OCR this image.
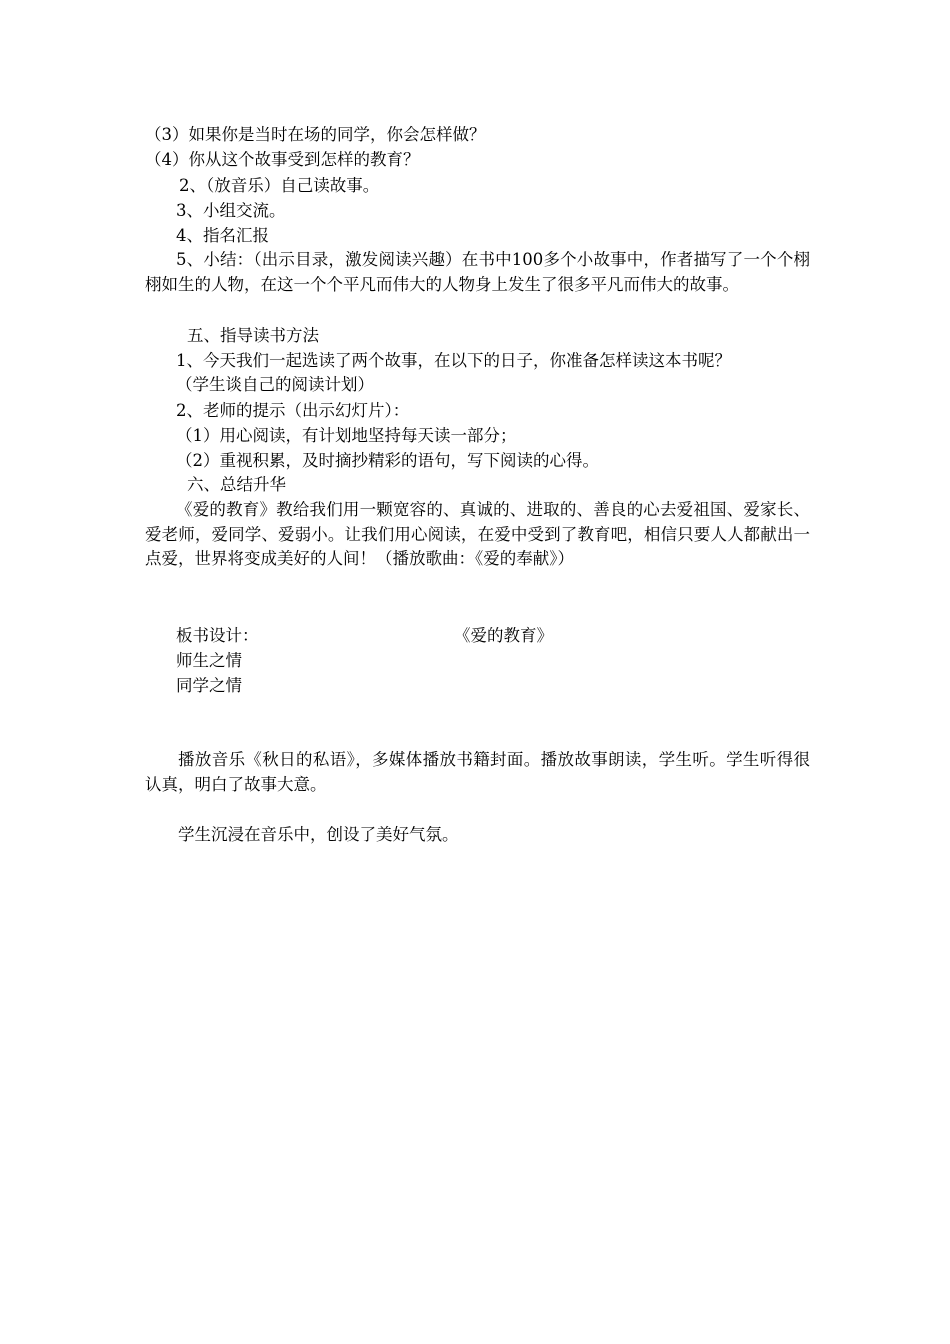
（3）如果你是当时在场的同学，你会怎样做？
（4）你从这个故事受到怎样的教育？
2、（放音乐）自己读故事。
3、小组交流。
4、指名汇报
5、小结：（出示目录，激发阅读兴趣）在书中100多个小故事中，作者描写了一个个栩栩如生的人物，在这一个个平凡而伟大的人物身上发生了很多平凡而伟大的故事。
五、指导读书方法
1、今天我们一起选读了两个故事，在以下的日子，你准备怎样读这本书呢？
（学生谈自己的阅读计划）
2、老师的提示（出示幻灯片）：
（1）用心阅读，有计划地坚持每天读一部分；
（2）重视积累，及时摘抄精彩的语句，写下阅读的心得。
六、总结升华
《爱的教育》教给我们用一颗宽容的、真诚的、进取的、善良的心去爱祖国、爱家长、爱老师，爱同学、爱弱小。让我们用心阅读，在爱中受到了教育吧，相信只要人人都献出一点爱，世界将变成美好的人间！（播放歌曲：《爱的奉献》）
板书设计：	《爱的教育》
师生之情
同学之情
播放音乐《秋日的私语》，多媒体播放书籍封面。播放故事朗读，学生听。学生听得很认真，明白了故事大意。
学生沉浸在音乐中，创设了美好气氛。
